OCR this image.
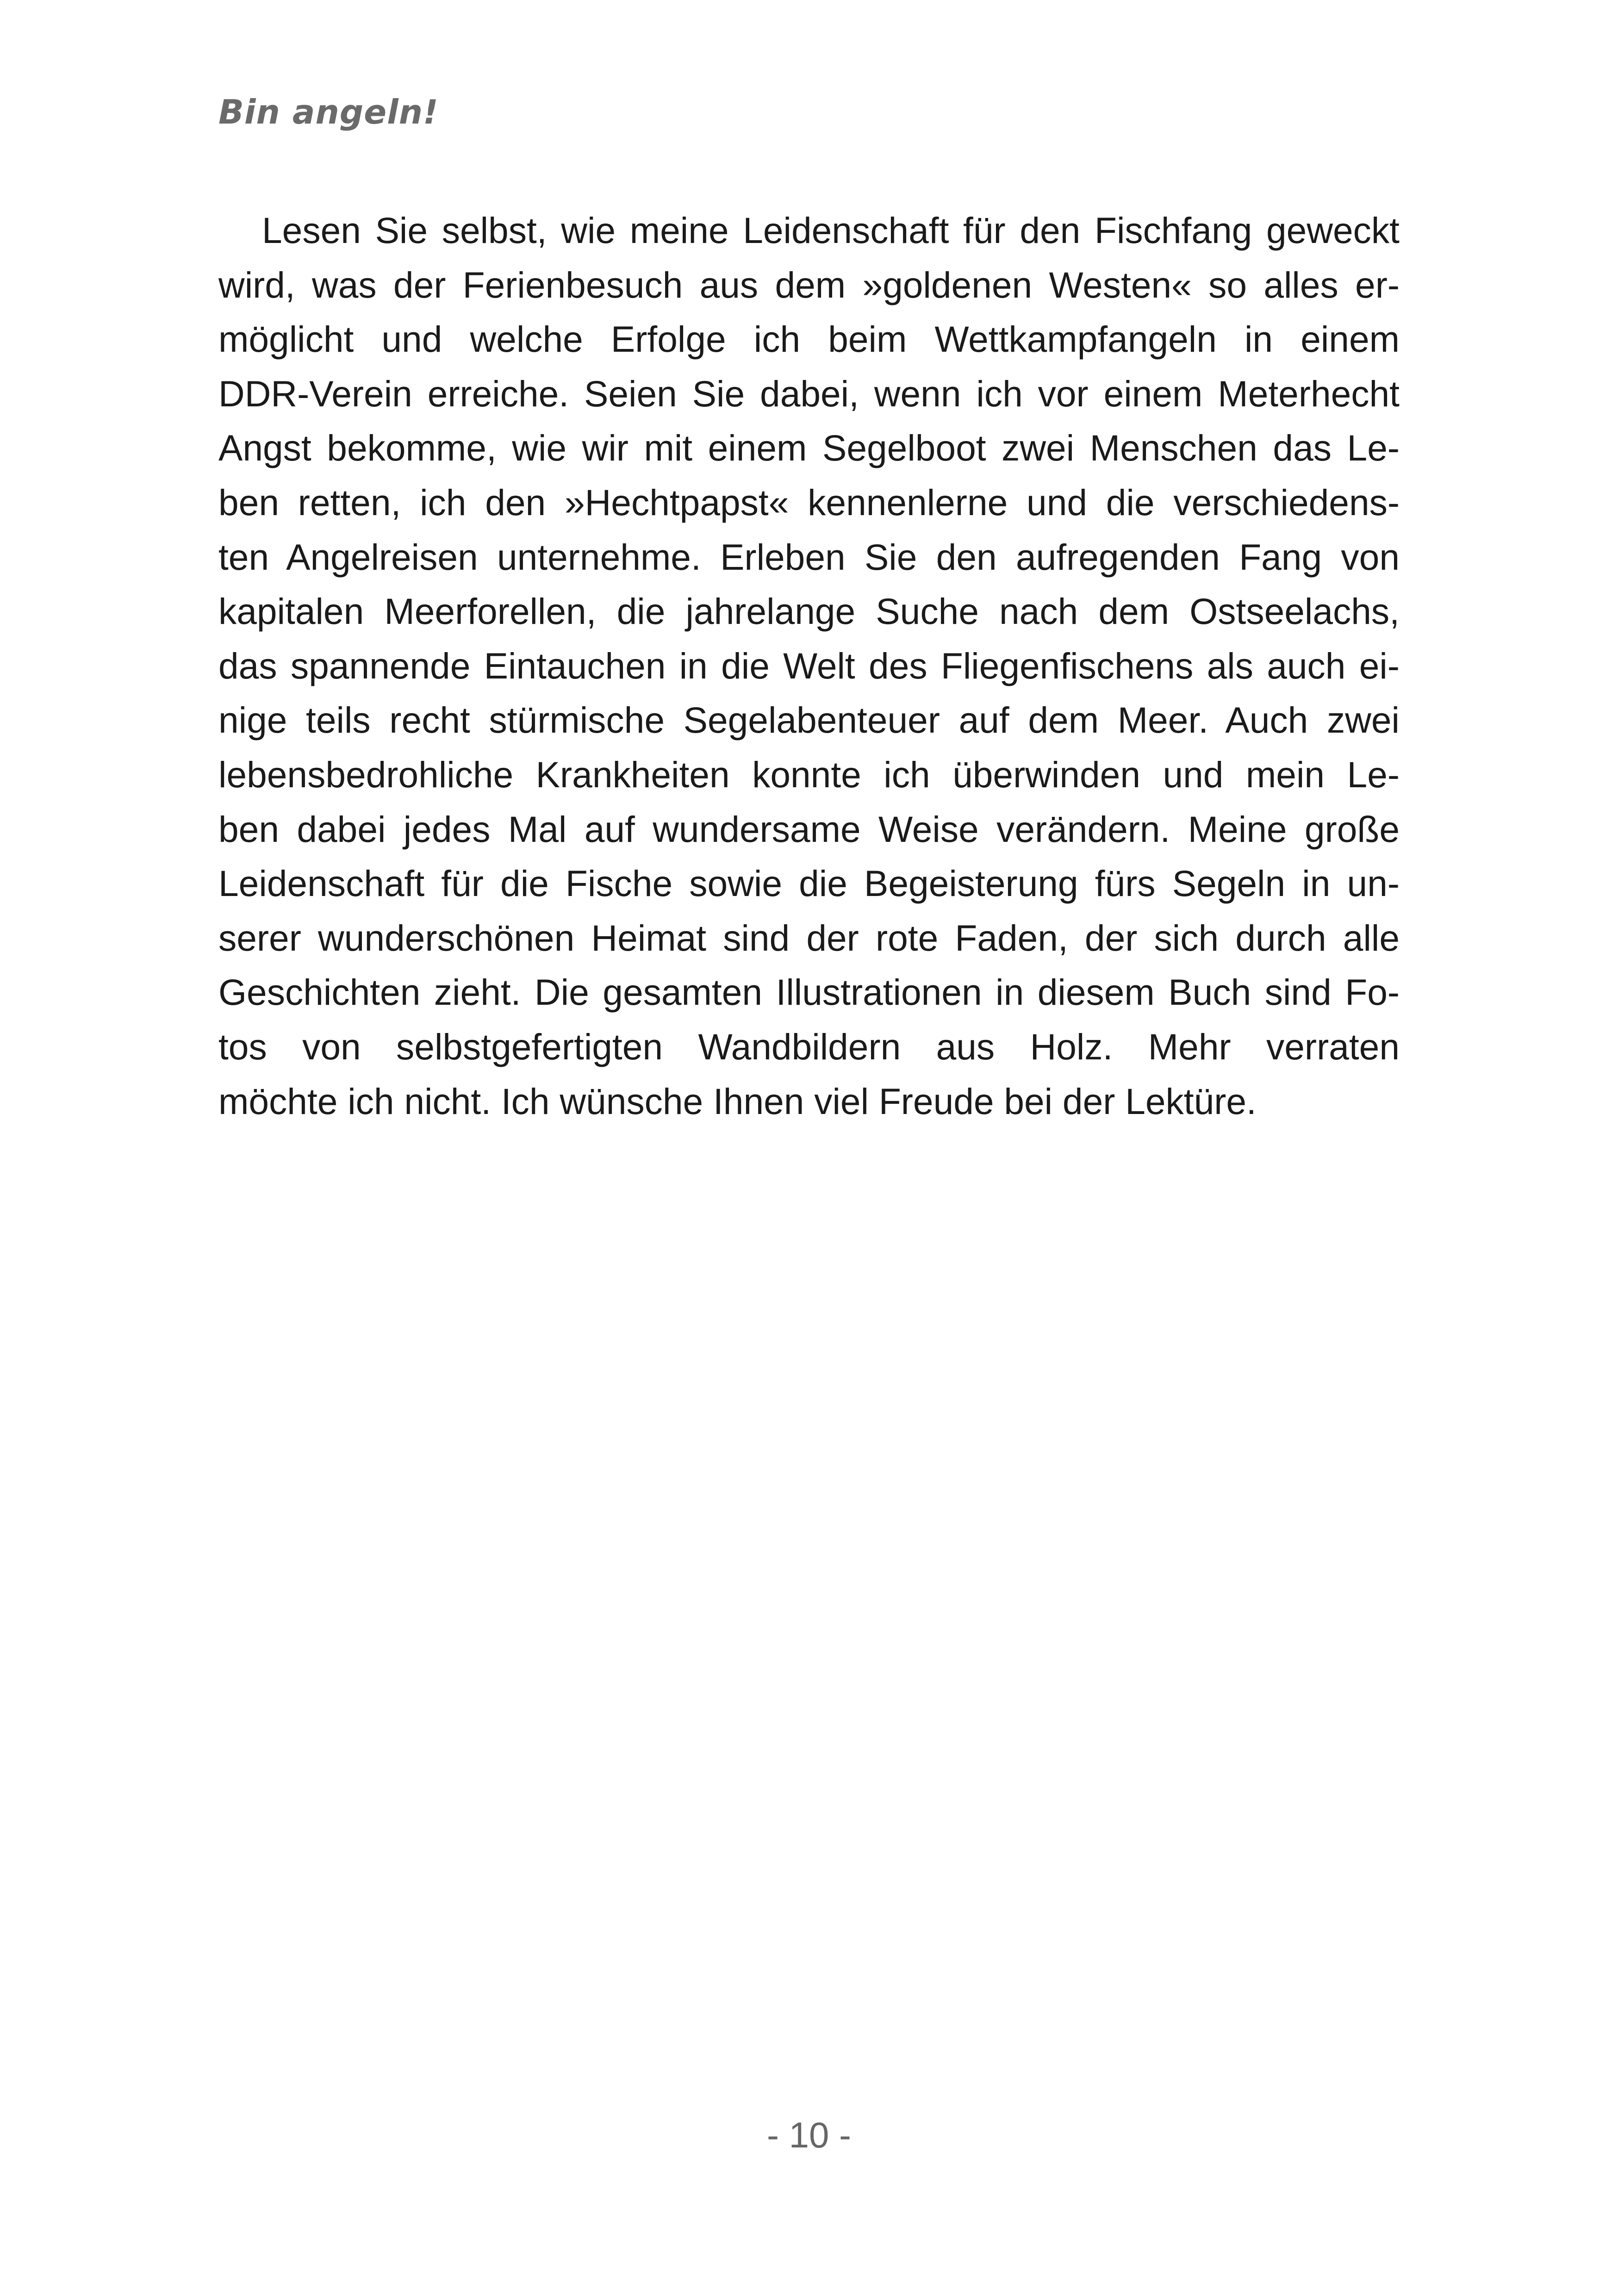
Bin angeln!
Lesen Sie selbst, wie meine Leidenschaft für den Fischfang geweckt
wird, was der Ferienbesuch aus dem »goldenen Westen« so alles er-
möglicht und welche Erfolge ich beim Wettkampfangeln in einem
DDR-Verein erreiche. Seien Sie dabei, wenn ich vor einem Meterhecht
Angst bekomme, wie wir mit einem Segelboot zwei Menschen das Le-
ben retten, ich den »Hechtpapst« kennenlerne und die verschiedens-
ten Angelreisen unternehme. Erleben Sie den aufregenden Fang von
kapitalen Meerforellen, die jahrelange Suche nach dem Ostseelachs,
das spannende Eintauchen in die Welt des Fliegenfischens als auch ei-
nige teils recht stürmische Segelabenteuer auf dem Meer. Auch zwei
lebensbedrohliche Krankheiten konnte ich überwinden und mein Le-
ben dabei jedes Mal auf wundersame Weise verändern. Meine große
Leidenschaft für die Fische sowie die Begeisterung fürs Segeln in un-
serer wunderschönen Heimat sind der rote Faden, der sich durch alle
Geschichten zieht. Die gesamten Illustrationen in diesem Buch sind Fo-
tos von selbstgefertigten Wandbildern aus Holz. Mehr verraten
möchte ich nicht. Ich wünsche Ihnen viel Freude bei der Lektüre.
- 10 -
